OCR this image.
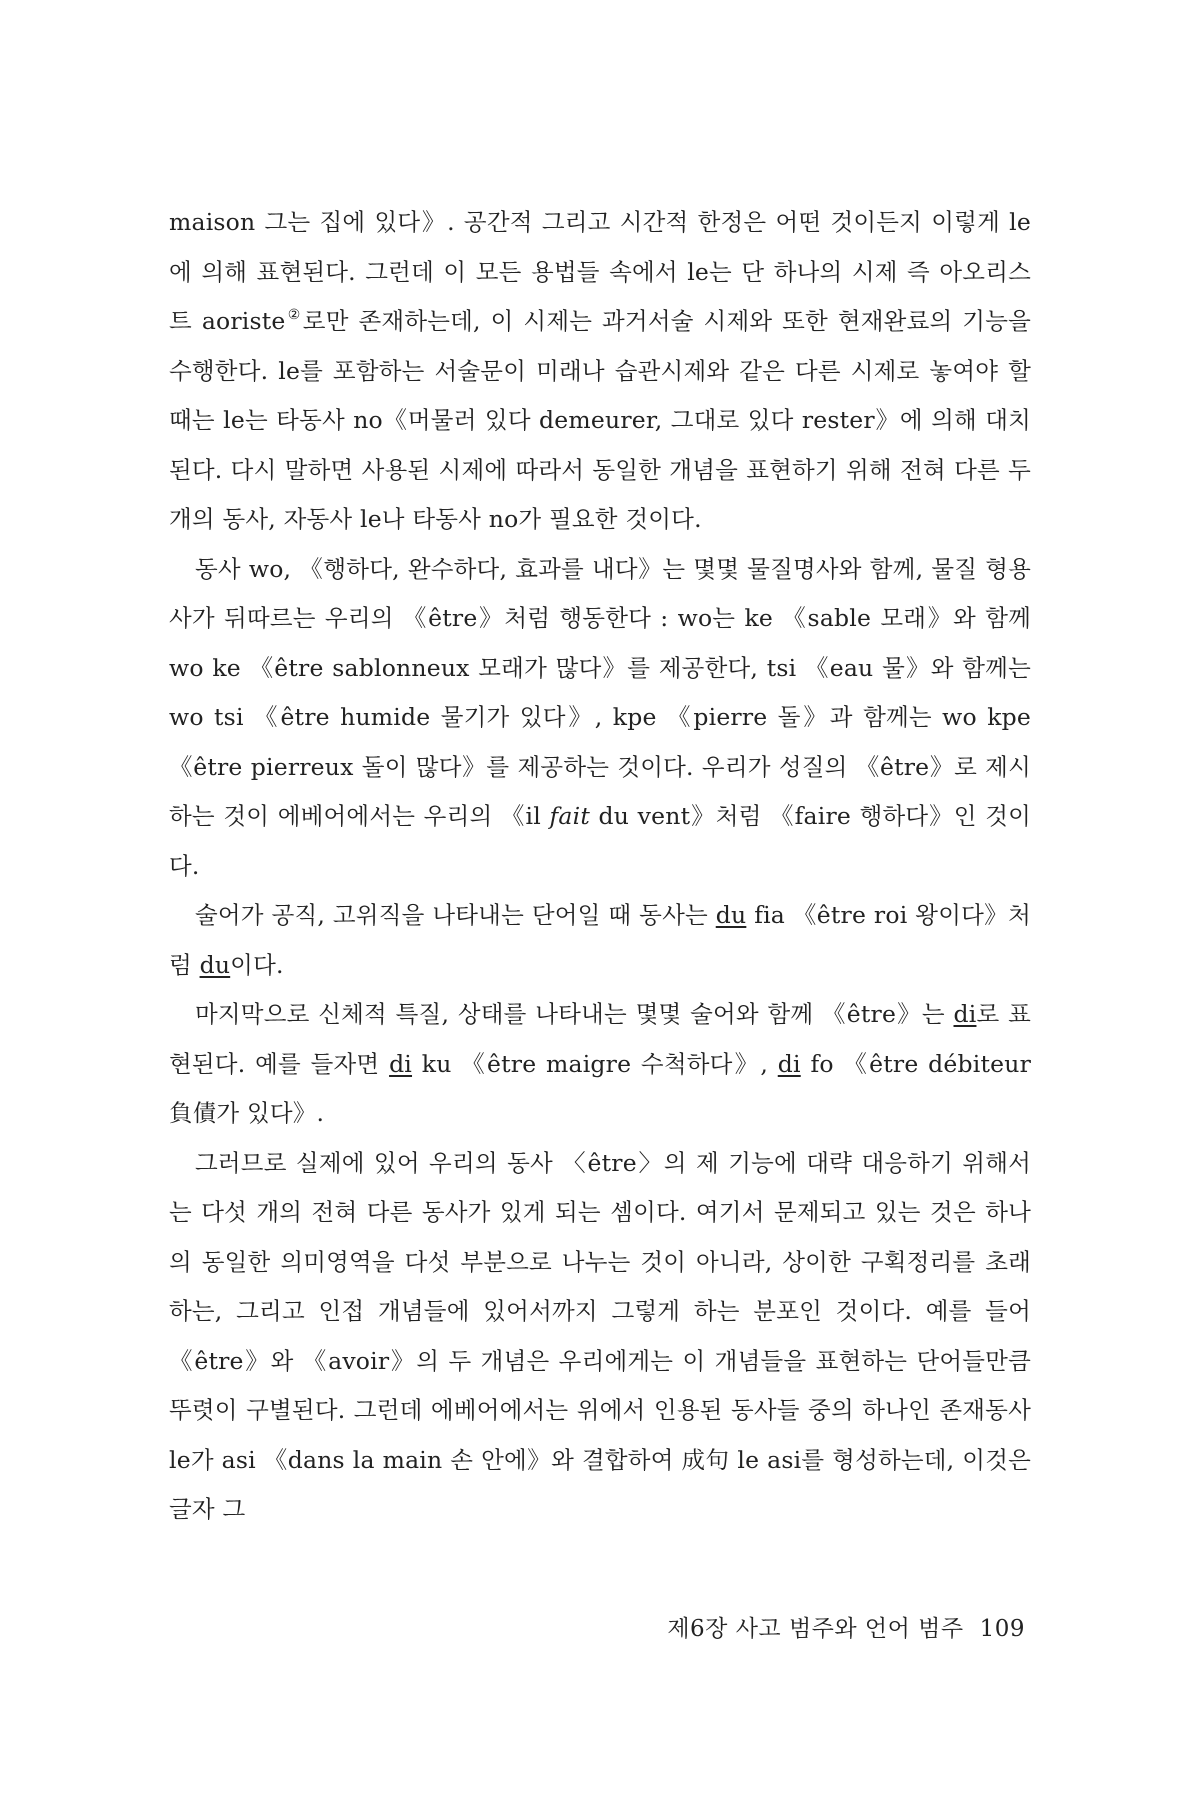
maison 그는 집에 있다》. 공간적 그리고 시간적 한정은 어떤 것이든지 이렇게 le에 의해 표현된다. 그런데 이 모든 용법들 속에서 le는 단 하나의 시제 즉 아오리스트 aoriste②로만 존재하는데, 이 시제는 과거서술 시제와 또한 현재완료의 기능을 수행한다. le를 포함하는 서술문이 미래나 습관시제와 같은 다른 시제로 놓여야 할 때는 le는 타동사 no《머물러 있다 demeurer, 그대로 있다 rester》에 의해 대치된다. 다시 말하면 사용된 시제에 따라서 동일한 개념을 표현하기 위해 전혀 다른 두 개의 동사, 자동사 le나 타동사 no가 필요한 것이다.

동사 wo, 《행하다, 완수하다, 효과를 내다》는 몇몇 물질명사와 함께, 물질 형용사가 뒤따르는 우리의 《être》처럼 행동한다 : wo는 ke 《sable 모래》와 함께 wo ke 《être sablonneux 모래가 많다》를 제공한다, tsi 《eau 물》와 함께는 wo tsi 《être humide 물기가 있다》, kpe 《pierre 돌》과 함께는 wo kpe 《être pierreux 돌이 많다》를 제공하는 것이다. 우리가 성질의 《être》로 제시하는 것이 에베어에서는 우리의 《il fait du vent》처럼 《faire 행하다》인 것이다.

술어가 공직, 고위직을 나타내는 단어일 때 동사는 du fia 《être roi 왕이다》처럼 du이다.

마지막으로 신체적 특질, 상태를 나타내는 몇몇 술어와 함께 《être》는 di로 표현된다. 예를 들자면 di ku 《être maigre 수척하다》, di fo 《être débiteur 負債가 있다》.

그러므로 실제에 있어 우리의 동사 〈être〉의 제 기능에 대략 대응하기 위해서는 다섯 개의 전혀 다른 동사가 있게 되는 셈이다. 여기서 문제되고 있는 것은 하나의 동일한 의미영역을 다섯 부분으로 나누는 것이 아니라, 상이한 구획정리를 초래하는, 그리고 인접 개념들에 있어서까지 그렇게 하는 분포인 것이다. 예를 들어 《être》와 《avoir》의 두 개념은 우리에게는 이 개념들을 표현하는 단어들만큼 뚜렷이 구별된다. 그런데 에베어에서는 위에서 인용된 동사들 중의 하나인 존재동사 le가 asi 《dans la main 손 안에》와 결합하여 成句 le asi를 형성하는데, 이것은 글자 그

제6장 사고 범주와 언어 범주 109
